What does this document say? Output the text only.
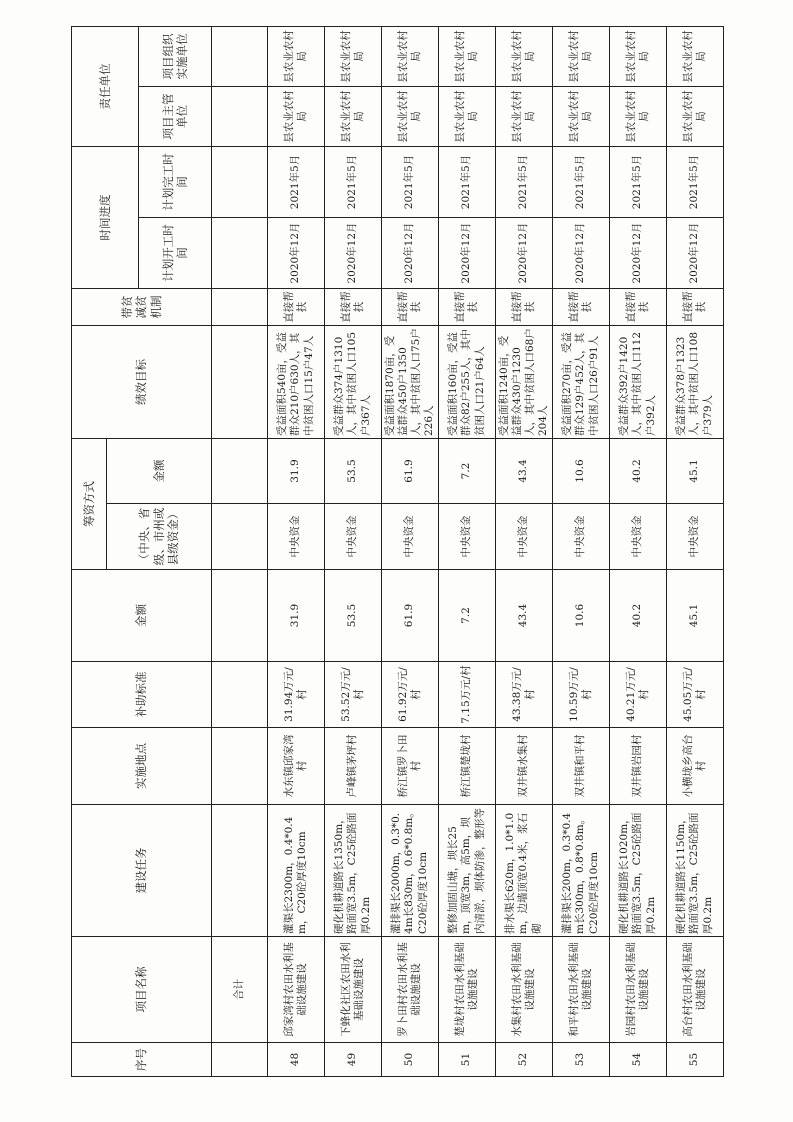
序号	项目名称	建设任务	实施地点	补助标准	金额	筹资方式		绩效目标	带贫减贫机制	时间进度		责任单位	
						（中央、省级、市州或县级资金）	金额						
										计划开工时间	计划完工时间	项目主管单位	项目组织实施单位
	合计												
48	邱家湾村农田水利基础设施建设	灌渠长2300m，0.4*0.4m，C20砼厚度10cm	水东镇邱家湾村	31.94万元/村	31.9	中央资金	31.9	受益面积540亩，受益群众210户630人，其中贫困人口15户47人	直接帮扶	2020年12月	2021年5月	县农业农村局	县农业农村局
49	下蜂化社区农田水利基础设施建设	硬化机耕道路长1350m，路面宽3.5m，C25砼路面厚0.2m	卢峰镇茅坪村	53.52万元/村	53.5	中央资金	53.5	受益群众374户1310人，其中贫困人口105户367人	直接帮扶	2020年12月	2021年5月	县农业农村局	县农业农村局
50	罗卜田村农田水利基础设施建设	灌排渠长2000m，0.3*0.4m长830m，0.6*0.8m。C20砼厚度10cm	桥江镇罗卜田村	61.92万元/村	61.9	中央资金	61.9	受益面积1870亩，受益群众450户1350人，其中贫困人口75户226人	直接帮扶	2020年12月	2021年5月	县农业农村局	县农业农村局
51	楚垅村农田水利基础设施建设	整修加固山塘，坝长25m，顶宽3m，高5m，坝内清淤，坝体防渗，整形等	桥江镇楚垅村	7.15万元/村	7.2	中央资金	7.2	受益面积160亩，受益群众82户255人，其中贫困人口21户64人	直接帮扶	2020年12月	2021年5月	县农业农村局	县农业农村局
52	水集村农田水利基础设施建设	排水渠长620m，1.0*1.0m，边墙顶宽0.4米，浆石砌	双井镇水集村	43.38万元/村	43.4	中央资金	43.4	受益面积1240亩，受益群众430户1230人，其中贫困人口68户204人	直接帮扶	2020年12月	2021年5月	县农业农村局	县农业农村局
53	和平村农田水利基础设施建设	灌排渠长200m，0.3*0.4m长300m，0.8*0.8m。C20砼厚度10cm	双井镇和平村	10.59万元/村	10.6	中央资金	10.6	受益面积270亩，受益群众129户452人，其中贫困人口26户91人	直接帮扶	2020年12月	2021年5月	县农业农村局	县农业农村局
54	岩园村农田水利基础设施建设	硬化机耕道路长1020m，路面宽3.5m，C25砼路面厚0.2m	双井镇岩园村	40.21万元/村	40.2	中央资金	40.2	受益群众392户1420人，其中贫困人口112户392人	直接帮扶	2020年12月	2021年5月	县农业农村局	县农业农村局
55	高台村农田水利基础设施建设	硬化机耕道路长1150m，路面宽3.5m，C25砼路面厚0.2m	小横垅乡高台村	45.05万元/村	45.1	中央资金	45.1	受益群众378户1323人，其中贫困人口108户379人	直接帮扶	2020年12月	2021年5月	县农业农村局	县农业农村局
